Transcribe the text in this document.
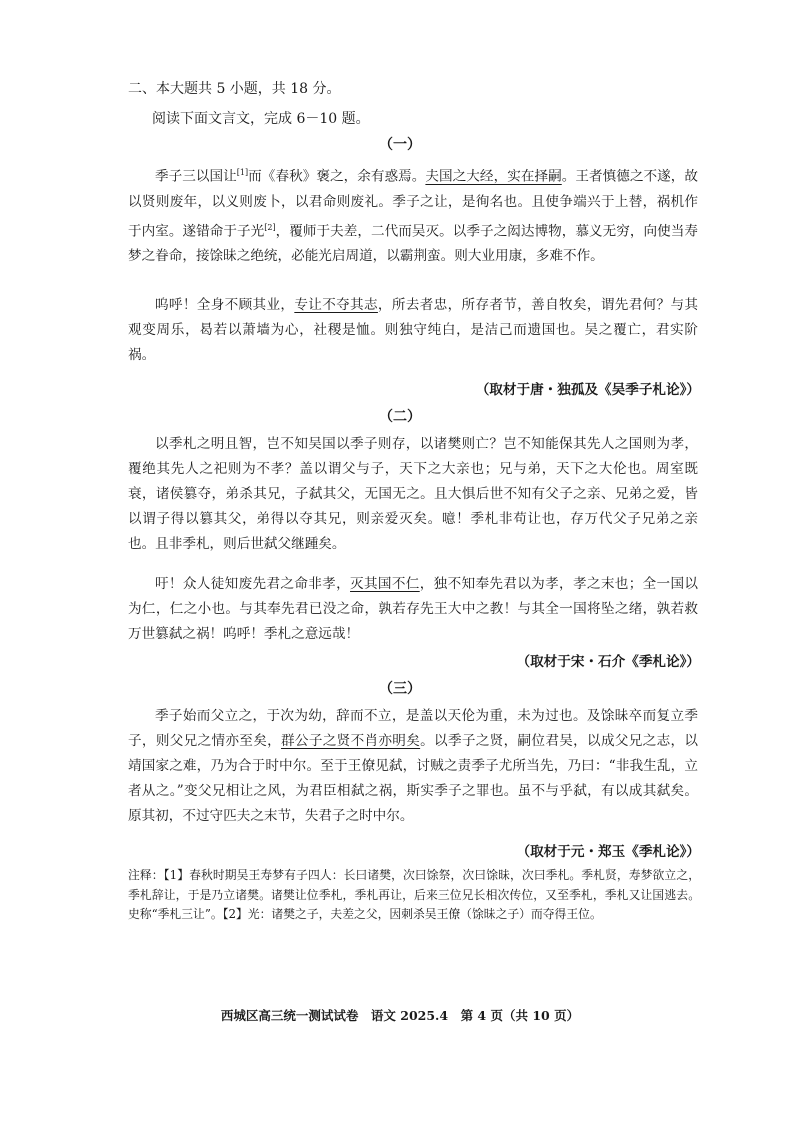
二、本大题共 5 小题，共 18 分。
阅读下面文言文，完成 6－10 题。
（一）

季子三以国让[1]而《春秋》褒之，余有惑焉。夫国之大经，实在择嗣。王者慎德之不遂，故以贤则废年，以义则废卜，以君命则废礼。季子之让，是徇名也。且使争端兴于上替，祸机作于内室。遂错命于子光[2]，覆师于夫差，二代而吴灭。以季子之闳达博物，慕义无穷，向使当寿梦之眷命，接馀昧之绝统，必能光启周道，以霸荆蛮。则大业用康，多难不作。

呜呼！全身不顾其业，专让不夺其志，所去者忠，所存者节，善自牧矣，谓先君何？与其观变周乐，曷若以萧墙为心，社稷是恤。则独守纯白，是洁己而遗国也。吴之覆亡，君实阶祸。

（取材于唐・独孤及《吴季子札论》）
（二）

以季札之明且智，岂不知吴国以季子则存，以诸樊则亡？岂不知能保其先人之国则为孝，覆绝其先人之祀则为不孝？盖以谓父与子，天下之大亲也；兄与弟，天下之大伦也。周室既衰，诸侯篡夺，弟杀其兄，子弑其父，无国无之。且大惧后世不知有父子之亲、兄弟之爱，皆以谓子得以篡其父，弟得以夺其兄，则亲爱灭矣。噫！季札非苟让也，存万代父子兄弟之亲也。且非季札，则后世弑父继踵矣。

吁！众人徒知废先君之命非孝，灭其国不仁，独不知奉先君以为孝，孝之末也；全一国以为仁，仁之小也。与其奉先君已没之命，孰若存先王大中之教！与其全一国将坠之绪，孰若救万世篡弑之祸！呜呼！季札之意远哉！

（取材于宋・石介《季札论》）
（三）

季子始而父立之，于次为幼，辞而不立，是盖以天伦为重，未为过也。及馀昧卒而复立季子，则父兄之情亦至矣，群公子之贤不肖亦明矣。以季子之贤，嗣位君吴，以成父兄之志，以靖国家之难，乃为合于时中尔。至于王僚见弑，讨贼之责季子尤所当先，乃曰：“非我生乱，立者从之。”变父兄相让之风，为君臣相弑之祸，斯实季子之罪也。虽不与乎弑，有以成其弑矣。原其初，不过守匹夫之末节，失君子之时中尔。

（取材于元・郑玉《季札论》）

注释：【1】春秋时期吴王寿梦有子四人：长曰诸樊，次曰馀祭，次曰馀昧，次曰季札。季札贤，寿梦欲立之，季札辞让，于是乃立诸樊。诸樊让位季札，季札再让，后来三位兄长相次传位，又至季札，季札又让国逃去。史称“季札三让”。【2】光：诸樊之子，夫差之父，因刺杀吴王僚（馀昧之子）而夺得王位。

西城区高三统一测试试卷　语文 2025.4　第 4 页（共 10 页）
